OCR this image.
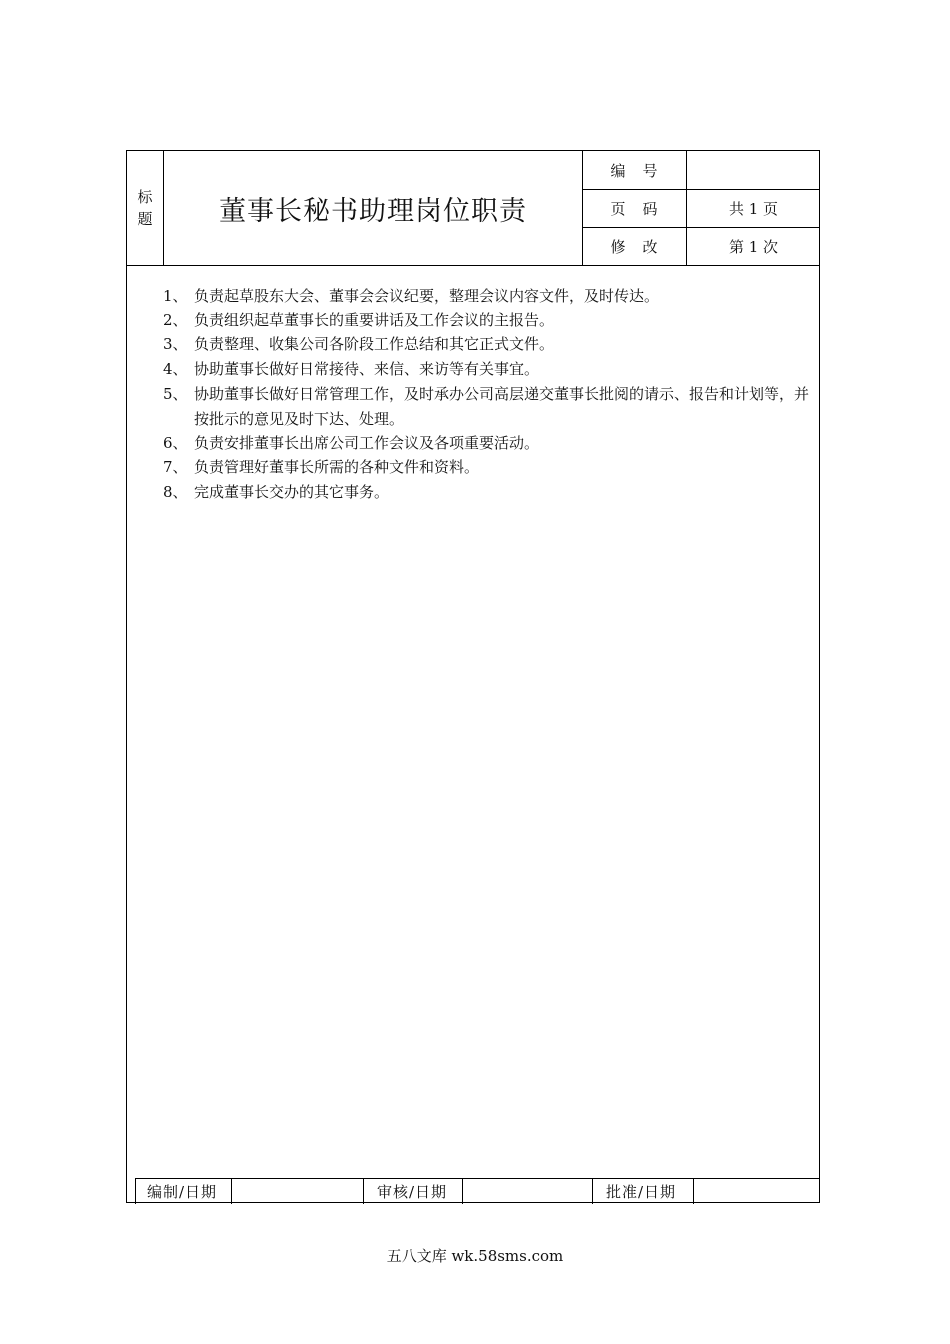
标
题	董事长秘书助理岗位职责
编　号
页　码	共 1 页
修　改	第 1 次
1、 负责起草股东大会、董事会会议纪要，整理会议内容文件，及时传达。
2、 负责组织起草董事长的重要讲话及工作会议的主报告。
3、 负责整理、收集公司各阶段工作总结和其它正式文件。
4、 协助董事长做好日常接待、来信、来访等有关事宜。
5、 协助董事长做好日常管理工作，及时承办公司高层递交董事长批阅的请示、报告和计划等，并按批示的意见及时下达、处理。
6、 负责安排董事长出席公司工作会议及各项重要活动。
7、 负责管理好董事长所需的各种文件和资料。
8、 完成董事长交办的其它事务。
编制/日期	审核/日期	批准/日期
五八文库 wk.58sms.com
